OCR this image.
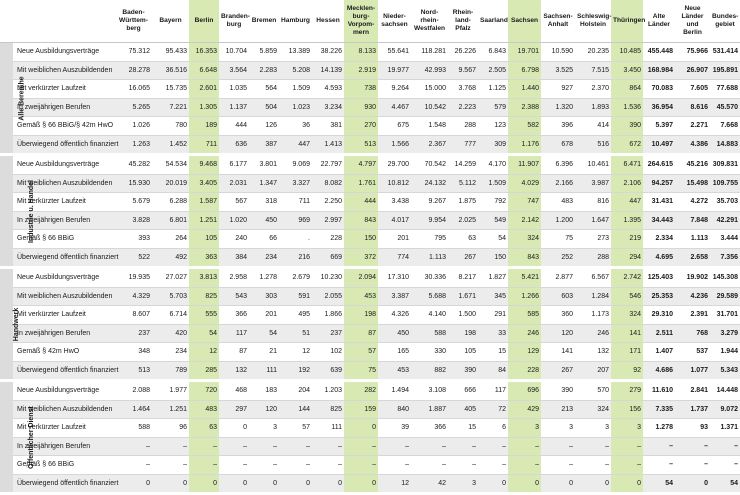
		Baden-
Württem-
berg	Bayern	Berlin	Branden-
burg	Bremen	Hamburg	Hessen	Mecklen-
burg-
Vorpom-
mern	Nieder-
sachsen	Nord-
rhein-
Westfalen	Rhein-
land-
Pfalz	Saarland	Sachsen	Sachsen-
Anhalt	Schleswig-
Holstein	Thüringen	Alte
Länder	Neue
Länder
und Berlin	Bundes-
gebiet
Alle Bereiche	Neue Ausbildungsverträge	75.312	95.433	16.353	10.704	5.859	13.389	38.226	8.133	55.641	118.281	26.226	6.843	19.701	10.590	20.235	10.485	455.448	75.966	531.414
	Mit weiblichen Auszubildenden	28.278	36.516	6.648	3.564	2.283	5.208	14.139	2.919	19.977	42.993	9.567	2.505	6.798	3.525	7.515	3.450	168.984	26.907	195.891
	Mit verkürzter Laufzeit	16.065	15.735	2.601	1.035	564	1.509	4.593	738	9.264	15.000	3.768	1.125	1.440	927	2.370	864	70.083	7.605	77.688
	In zweijährigen Berufen	5.265	7.221	1.305	1.137	504	1.023	3.234	930	4.467	10.542	2.223	579	2.388	1.320	1.893	1.536	36.954	8.616	45.570
	Gemäß § 66 BBiG/§ 42m HwO	1.026	780	189	444	126	36	381	270	675	1.548	288	123	582	396	414	390	5.397	2.271	7.668
	Überwiegend öffentlich finanziert	1.263	1.452	711	636	387	447	1.413	513	1.566	2.367	777	309	1.176	678	516	672	10.497	4.386	14.883
Industrie u. Handel	Neue Ausbildungsverträge	45.282	54.534	9.468	6.177	3.801	9.069	22.797	4.797	29.700	70.542	14.259	4.170	11.907	6.396	10.461	6.471	264.615	45.216	309.831
	Mit weiblichen Auszubildenden	15.930	20.019	3.405	2.031	1.347	3.327	8.082	1.761	10.812	24.132	5.112	1.509	4.029	2.166	3.987	2.106	94.257	15.498	109.755
	Mit verkürzter Laufzeit	5.679	6.288	1.587	567	318	711	2.250	444	3.438	9.267	1.875	792	747	483	816	447	31.431	4.272	35.703
	In zweijährigen Berufen	3.828	6.801	1.251	1.020	450	969	2.997	843	4.017	9.954	2.025	549	2.142	1.200	1.647	1.395	34.443	7.848	42.291
	Gemäß § 66 BBiG	393	264	105	240	66	.	228	150	201	795	63	54	324	75	273	219	2.334	1.113	3.444
	Überwiegend öffentlich finanziert	522	492	363	384	234	216	669	372	774	1.113	267	150	843	252	288	294	4.695	2.658	7.356
Handwerk	Neue Ausbildungsverträge	19.935	27.027	3.813	2.958	1.278	2.679	10.230	2.094	17.310	30.336	8.217	1.827	5.421	2.877	6.567	2.742	125.403	19.902	145.308
	Mit weiblichen Auszubildenden	4.329	5.703	825	543	303	591	2.055	453	3.387	5.688	1.671	345	1.266	603	1.284	546	25.353	4.236	29.589
	Mit verkürzter Laufzeit	8.607	6.714	555	366	201	495	1.866	198	4.326	4.140	1.500	291	585	360	1.173	324	29.310	2.391	31.701
	In zweijährigen Berufen	237	420	54	117	54	51	237	87	450	588	198	33	246	120	246	141	2.511	768	3.279
	Gemäß § 42m HwO	348	234	12	87	21	12	102	57	165	330	105	15	129	141	132	171	1.407	537	1.944
	Überwiegend öffentlich finanziert	513	789	285	132	111	192	639	75	453	882	390	84	228	267	207	92	4.686	1.077	5.343
Öffentlicher Dienst	Neue Ausbildungsverträge	2.088	1.977	720	468	183	204	1.203	282	1.494	3.108	666	117	696	390	570	279	11.610	2.841	14.448
	Mit weiblichen Auszubildenden	1.464	1.251	483	297	120	144	825	159	840	1.887	405	72	429	213	324	156	7.335	1.737	9.072
	Mit verkürzter Laufzeit	588	96	63	0	3	57	111	0	39	366	15	6	3	3	3	3	1.278	93	1.371
	In zweijährigen Berufen	–	–	–	–	–	–	–	–	–	–	–	–	–	–	–	–	–	–	–
	Gemäß § 66 BBiG	–	–	–	–	–	–	–	–	–	–	–	–	–	–	–	–	–	–	–
	Überwiegend öffentlich finanziert	0	0	0	0	0	0	0	0	12	42	3	0	0	0	0	0	54	0	54
